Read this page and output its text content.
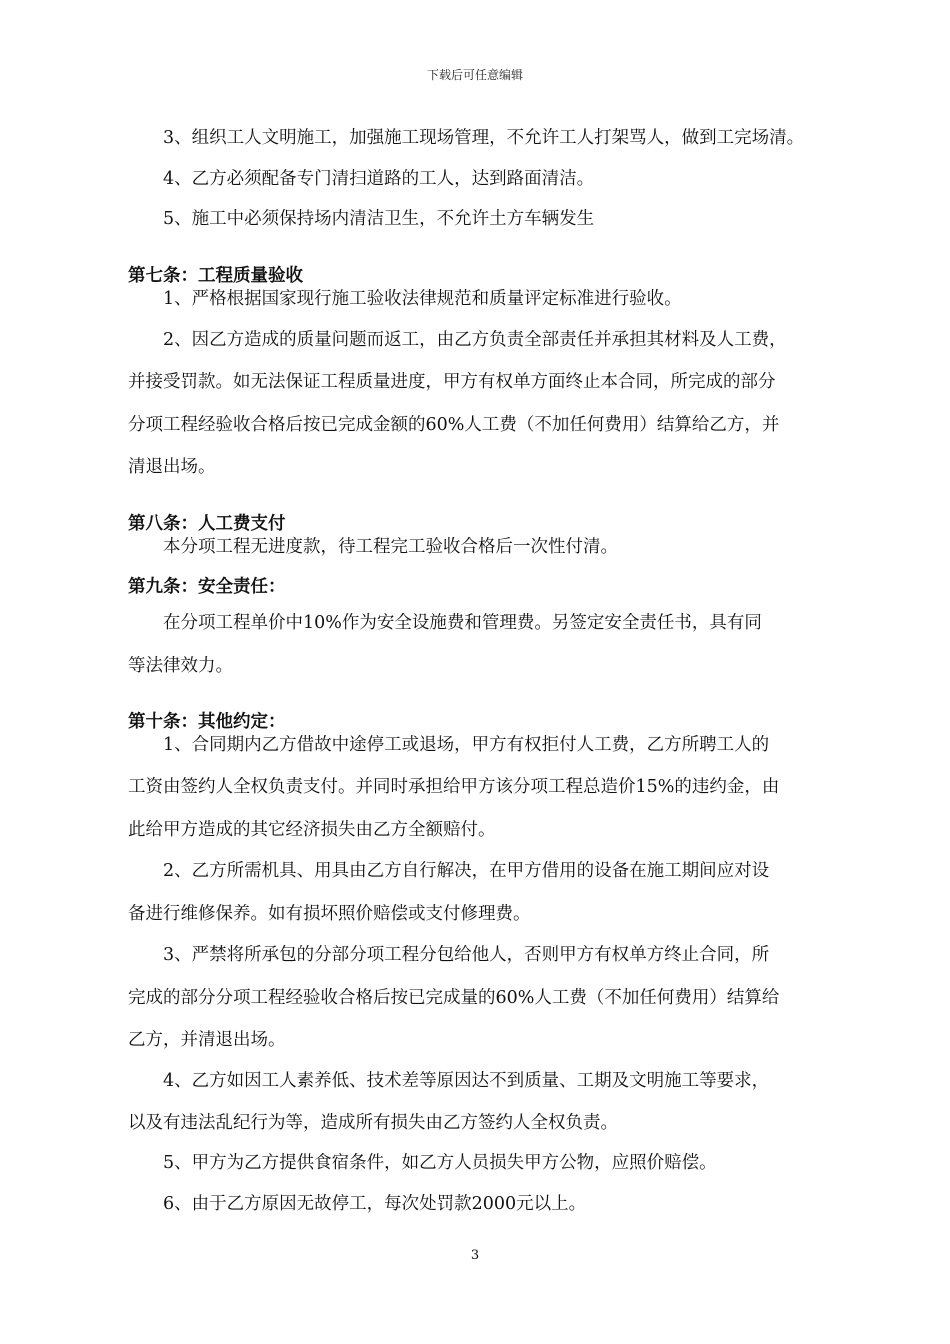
下载后可任意编辑
3、组织工人文明施工，加强施工现场管理，不允许工人打架骂人，做到工完场清。
4、乙方必须配备专门清扫道路的工人，达到路面清洁。
5、施工中必须保持场内清洁卫生，不允许土方车辆发生
第七条：工程质量验收
1、严格根据国家现行施工验收法律规范和质量评定标准进行验收。
2、因乙方造成的质量问题而返工，由乙方负责全部责任并承担其材料及人工费，
并接受罚款。如无法保证工程质量进度，甲方有权单方面终止本合同，所完成的部分
分项工程经验收合格后按已完成金额的60%人工费（不加任何费用）结算给乙方，并
清退出场。
第八条：人工费支付
本分项工程无进度款，待工程完工验收合格后一次性付清。
第九条：安全责任：
在分项工程单价中10%作为安全设施费和管理费。另签定安全责任书，具有同
等法律效力。
第十条：其他约定：
1、合同期内乙方借故中途停工或退场，甲方有权拒付人工费，乙方所聘工人的
工资由签约人全权负责支付。并同时承担给甲方该分项工程总造价15%的违约金，由
此给甲方造成的其它经济损失由乙方全额赔付。
2、乙方所需机具、用具由乙方自行解决，在甲方借用的设备在施工期间应对设
备进行维修保养。如有损坏照价赔偿或支付修理费。
3、严禁将所承包的分部分项工程分包给他人，否则甲方有权单方终止合同，所
完成的部分分项工程经验收合格后按已完成量的60%人工费（不加任何费用）结算给
乙方，并清退出场。
4、乙方如因工人素养低、技术差等原因达不到质量、工期及文明施工等要求，
以及有违法乱纪行为等，造成所有损失由乙方签约人全权负责。
5、甲方为乙方提供食宿条件，如乙方人员损失甲方公物，应照价赔偿。
6、由于乙方原因无故停工，每次处罚款2000元以上。
3
